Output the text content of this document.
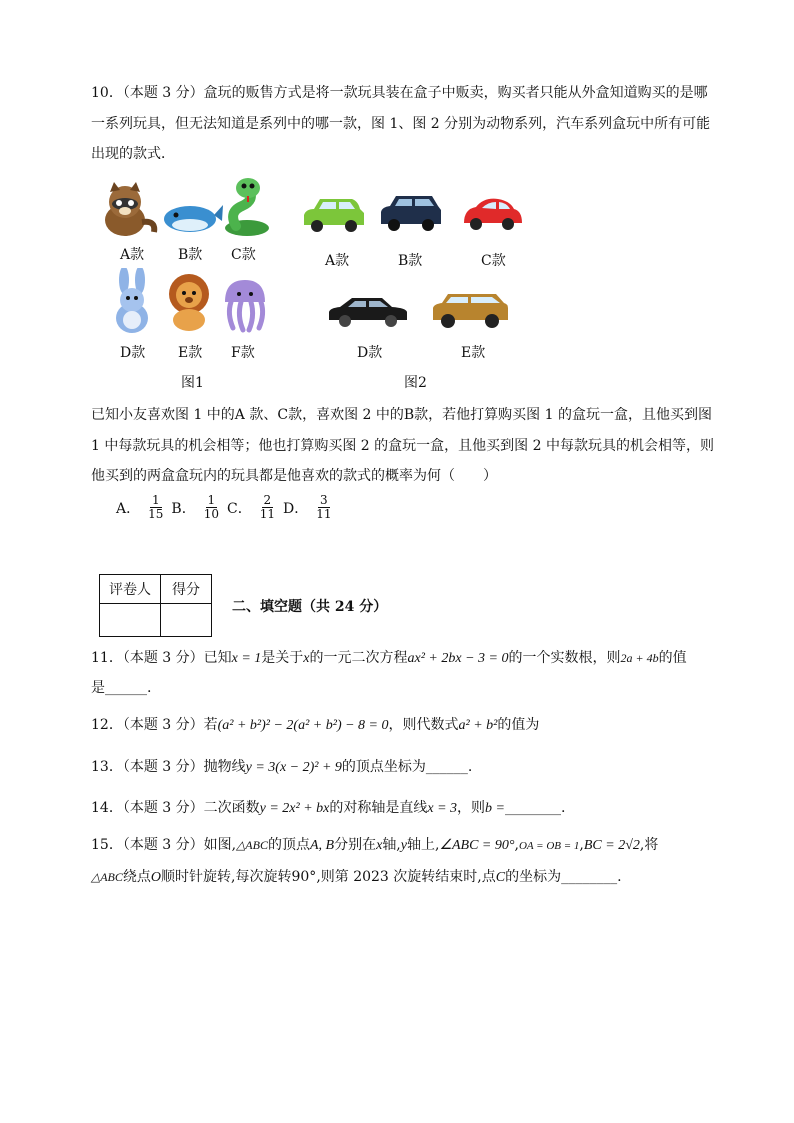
10．（本题 3 分）盒玩的贩售方式是将一款玩具装在盒子中贩卖，购买者只能从外盒知道购买的是哪
一系列玩具，但无法知道是系列中的哪一款，图 1、图 2 分别为动物系列，汽车系列盒玩中所有可能
出现的款式．
A款 B款 C款
D款 E款 F款
图1
A款	B款	C款
D款	E款
图2
已知小友喜欢图 1 中的A 款、C款，喜欢图 2 中的B款，若他打算购买图 1 的盒玩一盒，且他买到图
1 中每款玩具的机会相等；他也打算购买图 2 的盒玩一盒，且他买到图 2 中每款玩具的机会相等，则
他买到的两盒盒玩内的玩具都是他喜欢的款式的概率为何（　　）
A． $\frac{1}{15}$ B． $\frac{1}{10}$ C． $\frac{2}{11}$ D． $\frac{3}{11}$
评卷人	得分

二、填空题（共 24 分）
11．（本题 3 分）已知x = 1是关于x的一元二次方程ax² + 2bx − 3 = 0的一个实数根，则2a + 4b的值
是______.
12．（本题 3 分）若(a² + b²)² − 2(a² + b²) − 8 = 0，则代数式a² + b²的值为
13．（本题 3 分）抛物线y = 3(x − 2)² + 9的顶点坐标为______.
14．（本题 3 分）二次函数y = 2x² + bx的对称轴是直线x = 3，则b =________.
15．（本题 3 分）如图,△ABC的顶点A, B分别在x轴,y轴上,∠ABC = 90°,OA = OB = 1,BC = 2√2,将
△ABC绕点O顺时针旋转,每次旋转90°,则第 2023 次旋转结束时,点C的坐标为________.
